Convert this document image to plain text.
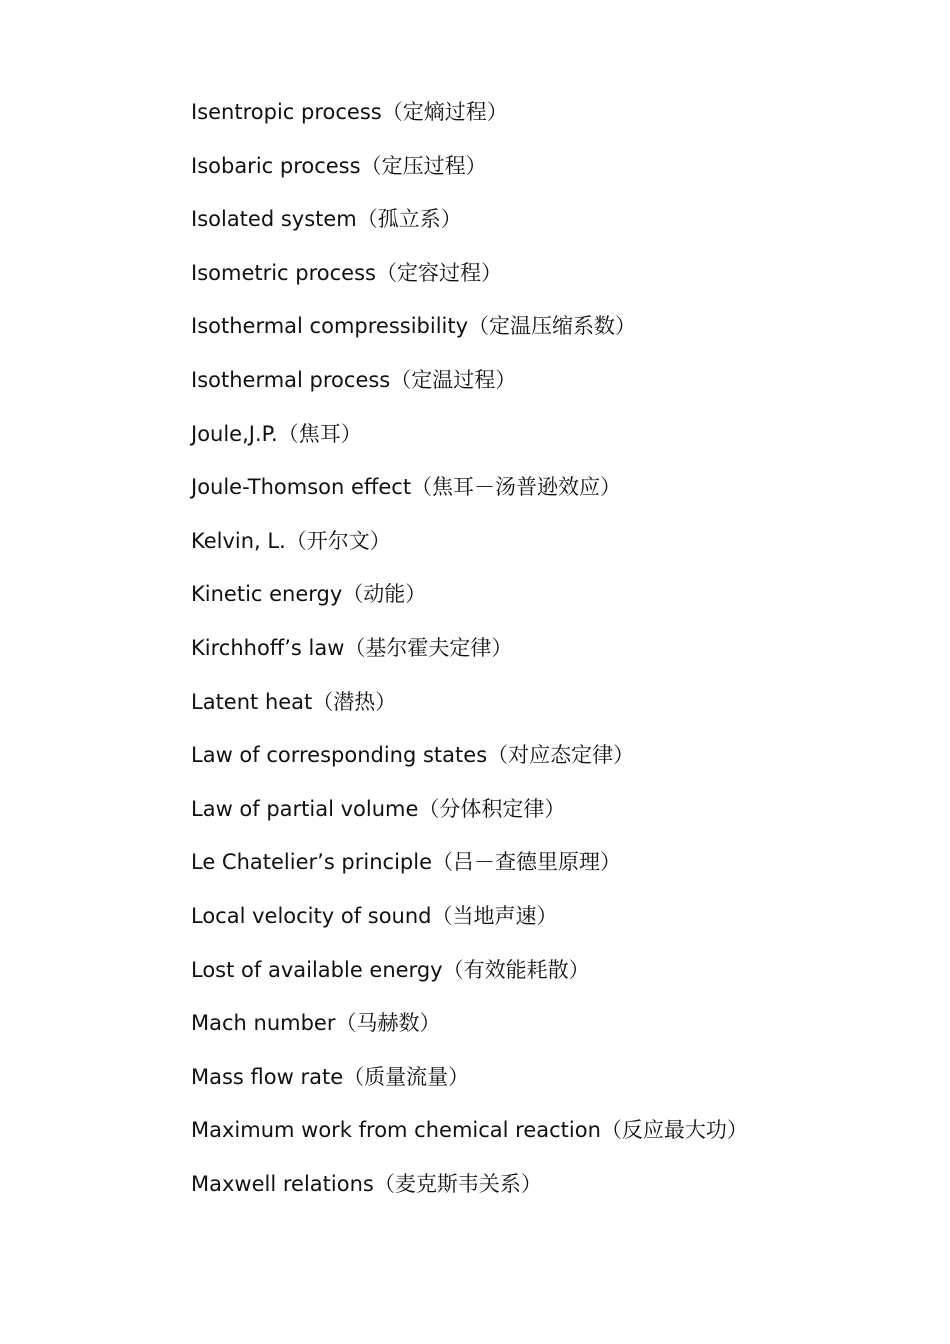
Isentropic process（定熵过程）
Isobaric process（定压过程）
Isolated system（孤立系）
Isometric process（定容过程）
Isothermal compressibility（定温压缩系数）
Isothermal process（定温过程）
Joule,J.P.（焦耳）
Joule-Thomson effect（焦耳－汤普逊效应）
Kelvin, L.（开尔文）
Kinetic energy（动能）
Kirchhoff’s law（基尔霍夫定律）
Latent heat（潜热）
Law of corresponding states（对应态定律）
Law of partial volume（分体积定律）
Le Chatelier’s principle（吕－查德里原理）
Local velocity of sound（当地声速）
Lost of available energy（有效能耗散）
Mach number（马赫数）
Mass flow rate（质量流量）
Maximum work from chemical reaction（反应最大功）
Maxwell relations（麦克斯韦关系）
